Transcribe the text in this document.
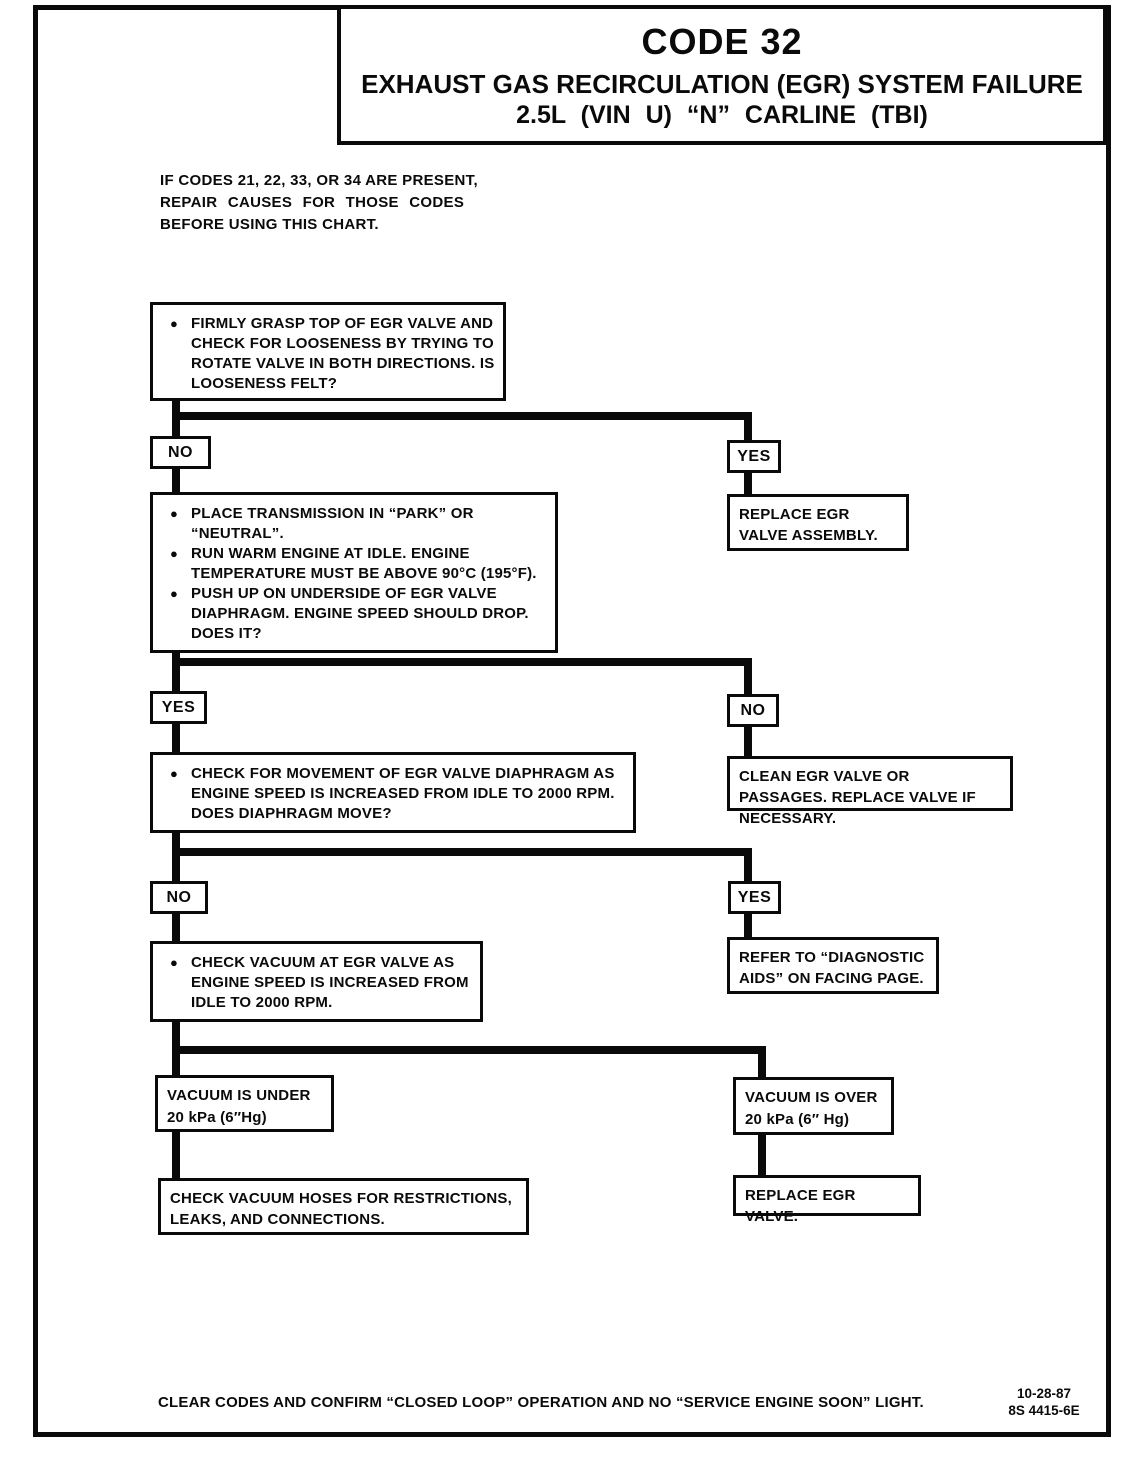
CODE 32
EXHAUST GAS RECIRCULATION (EGR) SYSTEM FAILURE
2.5L (VIN U) “N” CARLINE (TBI)
IF CODES 21, 22, 33, OR 34 ARE PRESENT,
REPAIR CAUSES FOR THOSE CODES
BEFORE USING THIS CHART.
● FIRMLY GRASP TOP OF EGR VALVE AND CHECK FOR LOOSENESS BY TRYING TO ROTATE VALVE IN BOTH DIRECTIONS. IS LOOSENESS FELT?
NO	YES
REPLACE EGR VALVE ASSEMBLY.
● PLACE TRANSMISSION IN “PARK” OR “NEUTRAL”.
● RUN WARM ENGINE AT IDLE. ENGINE TEMPERATURE MUST BE ABOVE 90°C (195°F).
● PUSH UP ON UNDERSIDE OF EGR VALVE DIAPHRAGM. ENGINE SPEED SHOULD DROP. DOES IT?
YES	NO
CLEAN EGR VALVE OR PASSAGES. REPLACE VALVE IF NECESSARY.
● CHECK FOR MOVEMENT OF EGR VALVE DIAPHRAGM AS ENGINE SPEED IS INCREASED FROM IDLE TO 2000 RPM. DOES DIAPHRAGM MOVE?
NO	YES
REFER TO “DIAGNOSTIC AIDS” ON FACING PAGE.
● CHECK VACUUM AT EGR VALVE AS ENGINE SPEED IS INCREASED FROM IDLE TO 2000 RPM.
VACUUM IS UNDER 20 kPa (6″Hg)
VACUUM IS OVER 20 kPa (6″ Hg)
CHECK VACUUM HOSES FOR RESTRICTIONS, LEAKS, AND CONNECTIONS.
REPLACE EGR VALVE.
CLEAR CODES AND CONFIRM “CLOSED LOOP” OPERATION AND NO “SERVICE ENGINE SOON” LIGHT.
10-28-87
8S 4415-6E
